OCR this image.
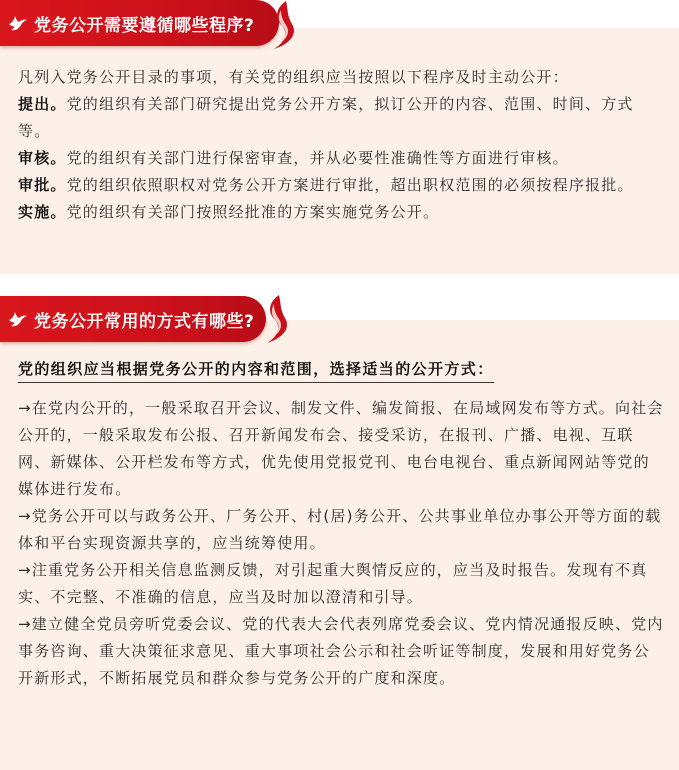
党务公开需要遵循哪些程序?

凡列入党务公开目录的事项，有关党的组织应当按照以下程序及时主动公开：

提出。党的组织有关部门研究提出党务公开方案，拟订公开的内容、范围、时间、方式等。

审核。党的组织有关部门进行保密审查，并从必要性准确性等方面进行审核。

审批。党的组织依照职权对党务公开方案进行审批，超出职权范围的必须按程序报批。

实施。党的组织有关部门按照经批准的方案实施党务公开。

党务公开常用的方式有哪些?
党的组织应当根据党务公开的内容和范围，选择适当的公开方式：

→在党内公开的，一般采取召开会议、制发文件、编发简报、在局域网发布等方式。向社会公开的，一般采取发布公报、召开新闻发布会、接受采访，在报刊、广播、电视、互联网、新媒体、公开栏发布等方式，优先使用党报党刊、电台电视台、重点新闻网站等党的媒体进行发布。

→党务公开可以与政务公开、厂务公开、村(居)务公开、公共事业单位办事公开等方面的载体和平台实现资源共享的，应当统筹使用。

→注重党务公开相关信息监测反馈，对引起重大舆情反应的，应当及时报告。发现有不真实、不完整、不准确的信息，应当及时加以澄清和引导。

→建立健全党员旁听党委会议、党的代表大会代表列席党委会议、党内情况通报反映、党内事务咨询、重大决策征求意见、重大事项社会公示和社会听证等制度，发展和用好党务公开新形式，不断拓展党员和群众参与党务公开的广度和深度。
